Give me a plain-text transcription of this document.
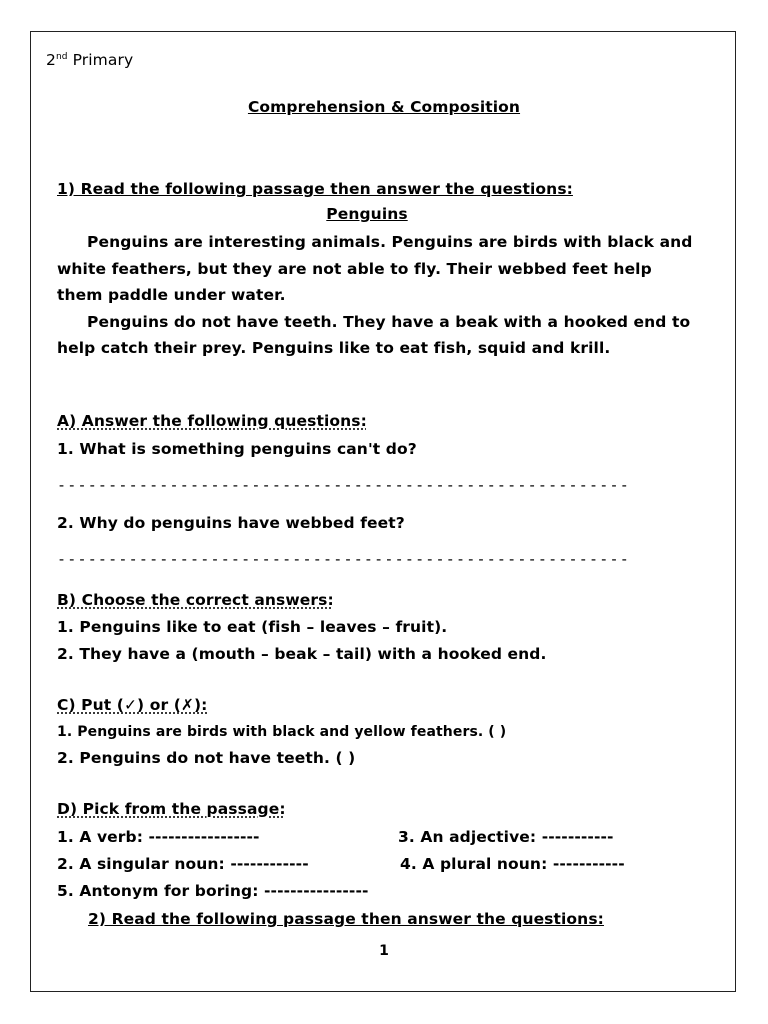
2nd Primary
Comprehension & Composition
1) Read the following passage then answer the questions:
Penguins
Penguins are interesting animals. Penguins are birds with black and
white feathers, but they are not able to fly. Their webbed feet help
them paddle under water.
Penguins do not have teeth. They have a beak with a hooked end to
help catch their prey. Penguins like to eat fish, squid and krill.
A) Answer the following questions:
1. What is something penguins can't do?
--------------------------------------------------------
2. Why do penguins have webbed feet?
--------------------------------------------------------
B) Choose the correct answers:
1. Penguins like to eat (fish – leaves – fruit).
2. They have a (mouth – beak – tail) with a hooked end.
C) Put (✓) or (✗):
1. Penguins are birds with black and yellow feathers. ( )
2. Penguins do not have teeth. ( )
D) Pick from the passage:
1. A verb: -----------------	3. An adjective: -----------
2. A singular noun: ------------	4. A plural noun: -----------
5. Antonym for boring: ----------------
2) Read the following passage then answer the questions:
1
